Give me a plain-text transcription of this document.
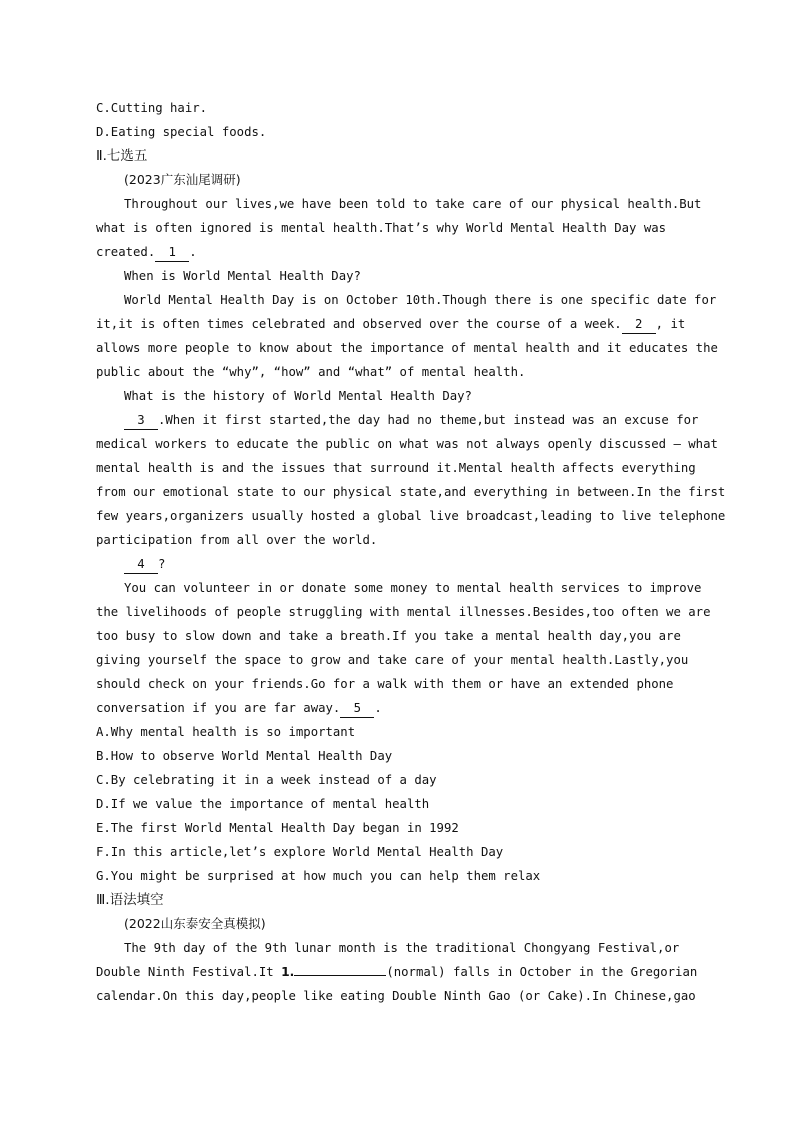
C.Cutting hair.
D.Eating special foods.
Ⅱ.七选五
(2023广东汕尾调研)
Throughout our lives,we have been told to take care of our physical health.But
what is often ignored is mental health.That’s why World Mental Health Day was
created. 1 .
When is World Mental Health Day?
World Mental Health Day is on October 10th.Though there is one specific date for
it,it is often times celebrated and observed over the course of a week. 2 , it
allows more people to know about the importance of mental health and it educates the
public about the “why”, “how” and “what” of mental health.
What is the history of World Mental Health Day?
3 .When it first started,the day had no theme,but instead was an excuse for
medical workers to educate the public on what was not always openly discussed — what
mental health is and the issues that surround it.Mental health affects everything
from our emotional state to our physical state,and everything in between.In the first
few years,organizers usually hosted a global live broadcast,leading to live telephone
participation from all over the world.
4 ?
You can volunteer in or donate some money to mental health services to improve
the livelihoods of people struggling with mental illnesses.Besides,too often we are
too busy to slow down and take a breath.If you take a mental health day,you are
giving yourself the space to grow and take care of your mental health.Lastly,you
should check on your friends.Go for a walk with them or have an extended phone
conversation if you are far away. 5 .
A.Why mental health is so important
B.How to observe World Mental Health Day
C.By celebrating it in a week instead of a day
D.If we value the importance of mental health
E.The first World Mental Health Day began in 1992
F.In this article,let’s explore World Mental Health Day
G.You might be surprised at how much you can help them relax
Ⅲ.语法填空
(2022山东泰安全真模拟)
The 9th day of the 9th lunar month is the traditional Chongyang Festival,or
Double Ninth Festival.It 1.	(normal) falls in October in the Gregorian
calendar.On this day,people like eating Double Ninth Gao (or Cake).In Chinese,gao
